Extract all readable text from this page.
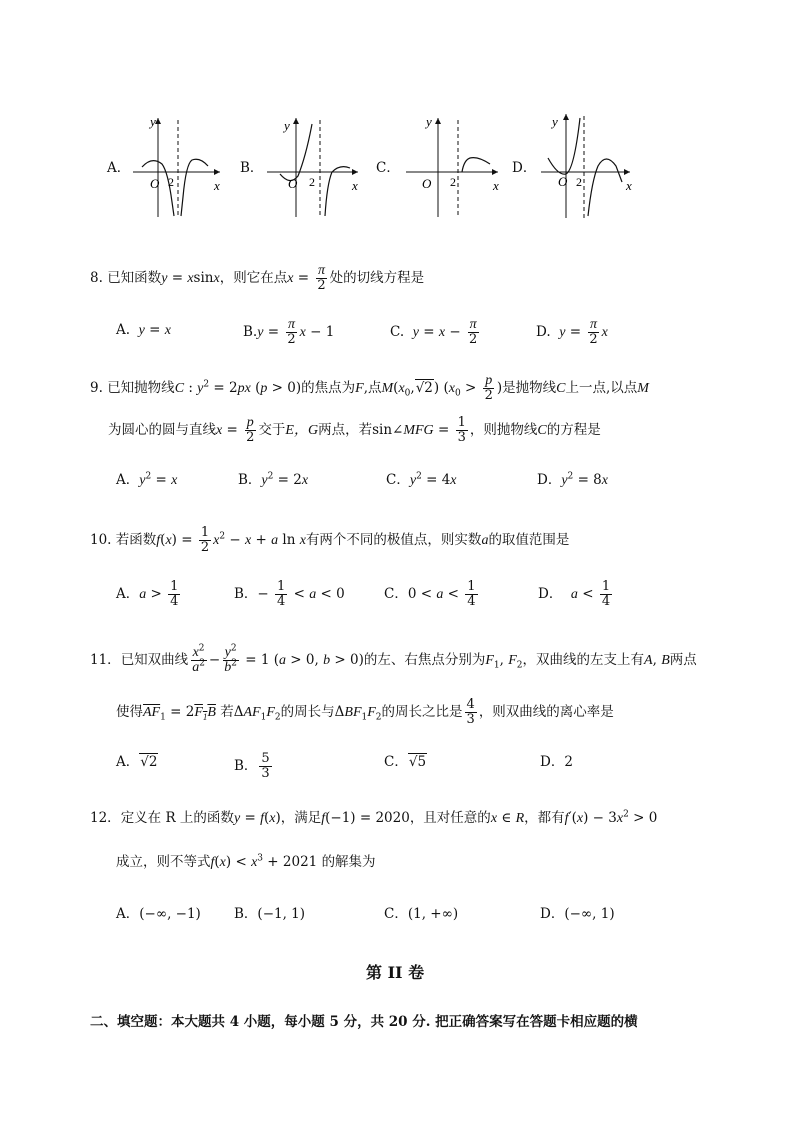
A．
O 2	x
y
B．
O 2	x
y
C．
O 2	x
y
D．
O 2	x
y
8. 已知函数y = xsinx，则它在点$x = \frac{\pi}{2}$ 处的切线方程是
A. y = x	$B.y = \frac{\pi}{2}$ x − 1	C. $y = x - \frac{\pi}{2}$	D. $y = \frac{\pi}{2}$ x
9. 已知抛物线C : $y^2 = 2px$ (p > 0)的焦点为F,点$M(x_0,√2) (x_0 > \frac{p}{2}$ )是抛物线C上一点,以点M
为圆心的圆与直线$x = \frac{p}{2}$ 交于E，G两点，若sin∠MFG = $\frac{1}{3}$ ，则抛物线C的方程是
A．$y^2 = x$	B．$y^2 = 2x$	C．$y^2 = 4x$	D．$y^2 = 8x$
10. 若函数$f(x) = \frac{1}{2} x^2 - x + a$ ln x有两个不同的极值点，则实数a的取值范围是
A．$a > \frac{1}{4}$	B．− $\frac{1}{4} < a < 0$	C．$0 < a < \frac{1}{4}$	D． $a < \frac{1}{4}$
11．已知双曲线 $\frac{x^2}{a^2} - \frac{y^2}{b^2} = 1$ (a > 0, b > 0)的左、右焦点分别为$F_1$, $F_2$，双曲线的左支上有A, B两点
使得$\overline{AF}_1 = 2F_1B$ 若$\Delta AF_1F_2$的周长与$\Delta BF_1F_2$的周长之比是 $\frac{4}{3}$ ，则双曲线的离心率是
A．√2	B． $\frac{5}{3}$	C．√5	D．2
12．定义在 R 上的函数y = f(x)，满足f(−1) = 2020，且对任意的x ∈ R，都有$f'(x) - 3x^2 > 0$
成立，则不等式$f(x) < x^3 + 2021$ 的解集为
A．(−∞, −1) B．(−1, 1)	C．(1, +∞)	D．(−∞, 1)
第 II 卷
二、填空题：本大题共 4 小题，每小题 5 分，共 20 分. 把正确答案写在答题卡相应题的横
